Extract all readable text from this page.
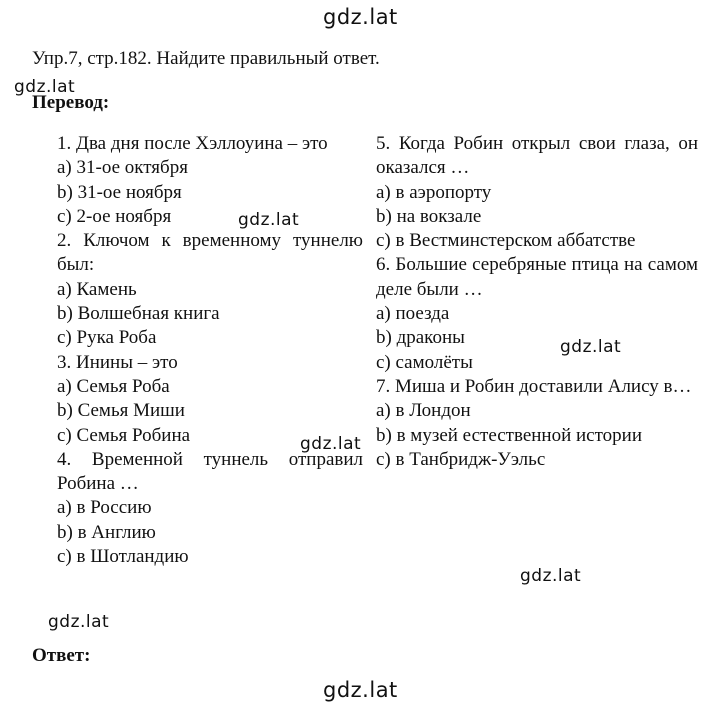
gdz.lat
gdz.lat
gdz.lat
gdz.lat
gdz.lat
gdz.lat
gdz.lat
gdz.lat
Упр.7, стр.182. Найдите правильный ответ.
Перевод:
1. Два дня после Хэллоуина – это
a) 31-ое октября
b) 31-ое ноября
c) 2-ое ноября
2. Ключом к временному туннелю был:
a) Камень
b) Волшебная книга
c) Рука Роба
3. Инины – это
a) Семья Роба
b) Семья Миши
c) Семья Робина
4. Временной туннель отправил Робина …
a) в Россию
b) в Англию
c) в Шотландию
5. Когда Робин открыл свои глаза, он оказался …
a) в аэропорту
b) на вокзале
c) в Вестминстерском аббатстве
6. Большие серебряные птица на самом деле были …
a) поезда
b) драконы
c) самолёты
7. Миша и Робин доставили Алису в…
a) в Лондон
b) в музей естественной истории
c) в Танбридж-Уэльс
Ответ:
